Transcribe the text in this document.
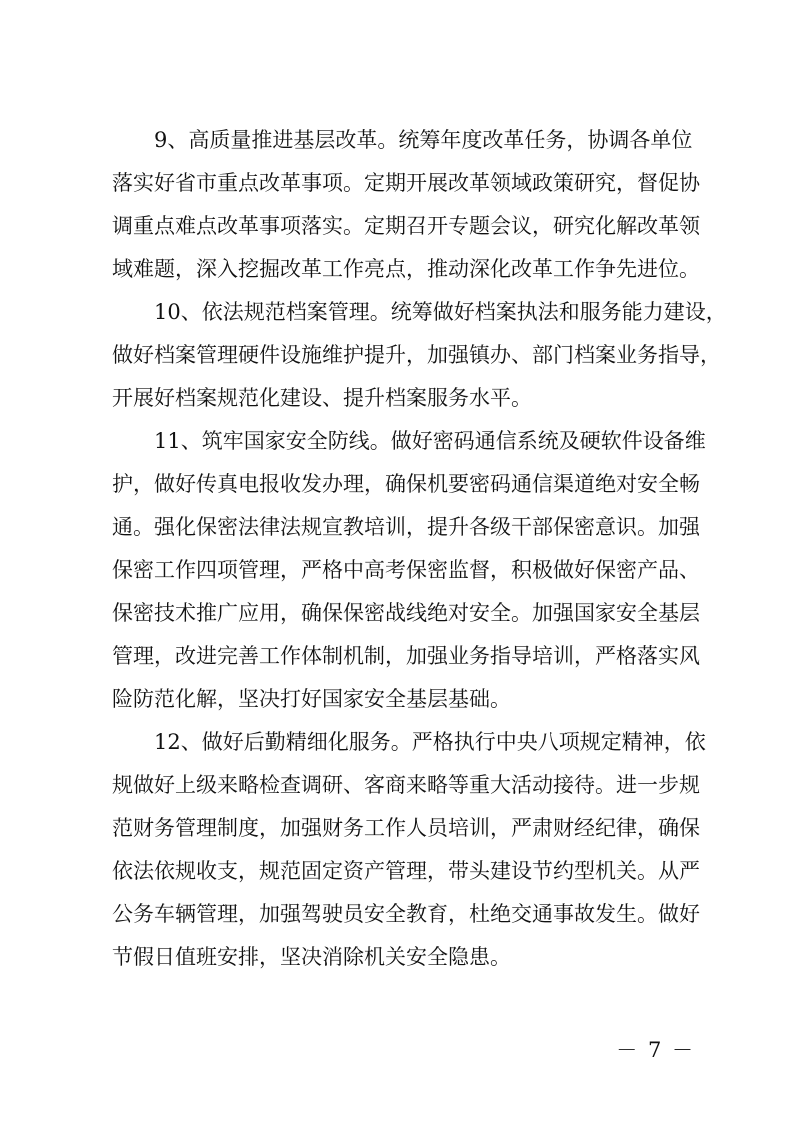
9、高质量推进基层改革。统筹年度改革任务，协调各单位
落实好省市重点改革事项。定期开展改革领域政策研究，督促协
调重点难点改革事项落实。定期召开专题会议，研究化解改革领
域难题，深入挖掘改革工作亮点，推动深化改革工作争先进位。
10、依法规范档案管理。统筹做好档案执法和服务能力建设，
做好档案管理硬件设施维护提升，加强镇办、部门档案业务指导，
开展好档案规范化建设、提升档案服务水平。
11、筑牢国家安全防线。做好密码通信系统及硬软件设备维
护，做好传真电报收发办理，确保机要密码通信渠道绝对安全畅
通。强化保密法律法规宣教培训，提升各级干部保密意识。加强
保密工作四项管理，严格中高考保密监督，积极做好保密产品、
保密技术推广应用，确保保密战线绝对安全。加强国家安全基层
管理，改进完善工作体制机制，加强业务指导培训，严格落实风
险防范化解，坚决打好国家安全基层基础。
12、做好后勤精细化服务。严格执行中央八项规定精神，依
规做好上级来略检查调研、客商来略等重大活动接待。进一步规
范财务管理制度，加强财务工作人员培训，严肃财经纪律，确保
依法依规收支，规范固定资产管理，带头建设节约型机关。从严
公务车辆管理，加强驾驶员安全教育，杜绝交通事故发生。做好
节假日值班安排，坚决消除机关安全隐患。
－ 7 －
